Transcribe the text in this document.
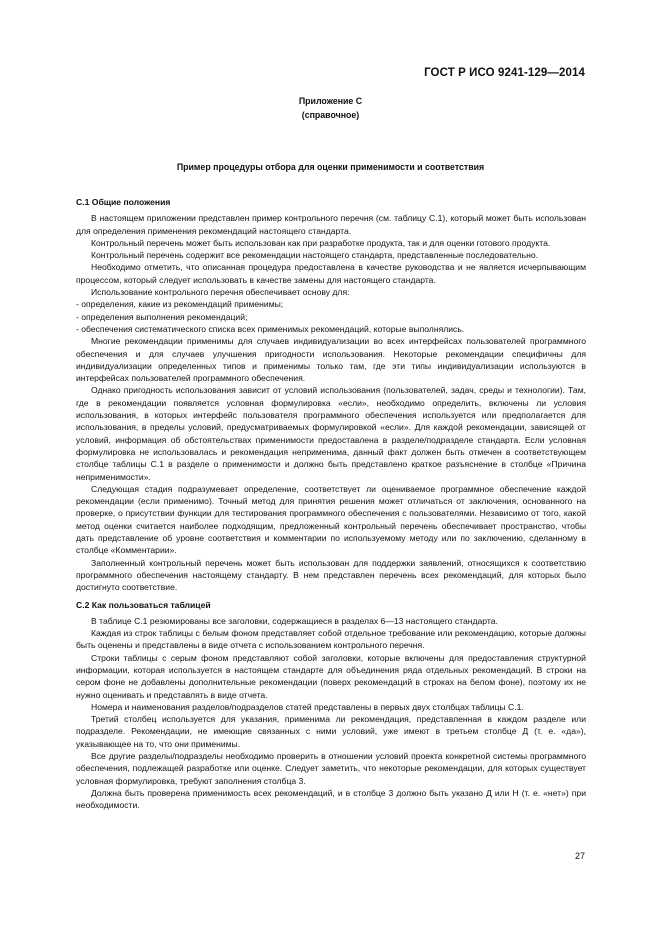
ГОСТ Р ИСО 9241-129—2014
Приложение С
(справочное)
Пример процедуры отбора для оценки применимости и соответствия
С.1 Общие положения

В настоящем приложении представлен пример контрольного перечня (см. таблицу С.1), который может быть использован для определения применения рекомендаций настоящего стандарта.

Контрольный перечень может быть использован как при разработке продукта, так и для оценки готового продукта.

Контрольный перечень содержит все рекомендации настоящего стандарта, представленные последовательно.

Необходимо отметить, что описанная процедура предоставлена в качестве руководства и не является исчерпывающим процессом, который следует использовать в качестве замены для настоящего стандарта.

Использование контрольного перечня обеспечивает основу для:

- определения, какие из рекомендаций применимы;

- определения выполнения рекомендаций;

- обеспечения систематического списка всех применимых рекомендаций, которые выполнялись.

Многие рекомендации применимы для случаев индивидуализации во всех интерфейсах пользователей программного обеспечения и для случаев улучшения пригодности использования. Некоторые рекомендации специфичны для индивидуализации определенных типов и применимы только там, где эти типы индивидуализации используются в интерфейсах пользователей программного обеспечения.

Однако пригодность использования зависит от условий использования (пользователей, задач, среды и технологии). Там, где в рекомендации появляется условная формулировка «если», необходимо определить, включены ли условия использования, в которых интерфейс пользователя программного обеспечения используется или предполагается для использования, в пределы условий, предусматриваемых формулировкой «если». Для каждой рекомендации, зависящей от условий, информация об обстоятельствах применимости предоставлена в разделе/подразделе стандарта. Если условная формулировка не использовалась и рекомендация неприменима, данный факт должен быть отмечен в соответствующем столбце таблицы С.1 в разделе о применимости и должно быть представлено краткое разъяснение в столбце «Причина неприменимости».

Следующая стадия подразумевает определение, соответствует ли оцениваемое программное обеспечение каждой рекомендации (если применимо). Точный метод для принятия решения может отличаться от заключения, основанного на проверке, о присутствии функции для тестирования программного обеспечения с пользователями. Независимо от того, какой метод оценки считается наиболее подходящим, предложенный контрольный перечень обеспечивает пространство, чтобы дать представление об уровне соответствия и комментарии по используемому методу или по заключению, сделанному в столбце «Комментарии».

Заполненный контрольный перечень может быть использован для поддержки заявлений, относящихся к соответствию программного обеспечения настоящему стандарту. В нем представлен перечень всех рекомендаций, для которых было достигнуто соответствие.

С.2 Как пользоваться таблицей

В таблице С.1 резюмированы все заголовки, содержащиеся в разделах 6—13 настоящего стандарта.

Каждая из строк таблицы с белым фоном представляет собой отдельное требование или рекомендацию, которые должны быть оценены и представлены в виде отчета с использованием контрольного перечня.

Строки таблицы с серым фоном представляют собой заголовки, которые включены для предоставления структурной информации, которая используется в настоящем стандарте для объединения ряда отдельных рекомендаций. В строки на сером фоне не добавлены дополнительные рекомендации (поверх рекомендаций в строках на белом фоне), поэтому их не нужно оценивать и представлять в виде отчета.

Номера и наименования разделов/подразделов статей представлены в первых двух столбцах таблицы С.1.

Третий столбец используется для указания, применима ли рекомендация, представленная в каждом разделе или подразделе. Рекомендации, не имеющие связанных с ними условий, уже имеют в третьем столбце Д (т. е. «да»), указывающее на то, что они применимы.

Все другие разделы/подразделы необходимо проверить в отношении условий проекта конкретной системы программного обеспечения, подлежащей разработке или оценке. Следует заметить, что некоторые рекомендации, для которых существует условная формулировка, требуют заполнения столбца 3.

Должна быть проверена применимость всех рекомендаций, и в столбце 3 должно быть указано Д или Н (т. е. «нет») при необходимости.

27
